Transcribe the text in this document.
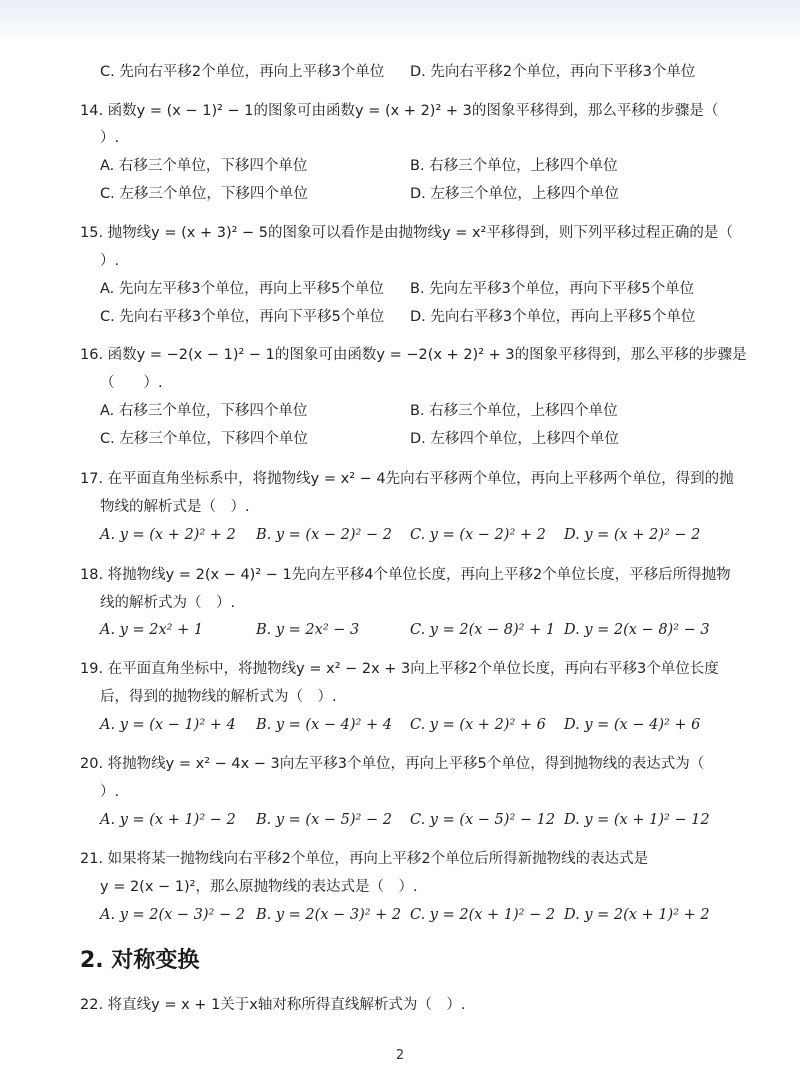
C. 先向右平移2个单位，再向上平移3个单位 D. 先向右平移2个单位，再向下平移3个单位
14. 函数y = (x − 1)² − 1的图象可由函数y = (x + 2)² + 3的图象平移得到，那么平移的步骤是（
）.
A. 右移三个单位，下移四个单位	B. 右移三个单位，上移四个单位
C. 左移三个单位，下移四个单位	D. 左移三个单位，上移四个单位
15. 抛物线y = (x + 3)² − 5的图象可以看作是由抛物线y = x²平移得到，则下列平移过程正确的是（
）.
A. 先向左平移3个单位，再向上平移5个单位 B. 先向左平移3个单位，再向下平移5个单位
C. 先向右平移3个单位，再向下平移5个单位 D. 先向右平移3个单位，再向上平移5个单位
16. 函数y = −2(x − 1)² − 1的图象可由函数y = −2(x + 2)² + 3的图象平移得到，那么平移的步骤是
（　　）.
A. 右移三个单位，下移四个单位	B. 右移三个单位，上移四个单位
C. 左移三个单位，下移四个单位	D. 左移四个单位，上移四个单位
17. 在平面直角坐标系中，将抛物线y = x² − 4先向右平移两个单位，再向上平移两个单位，得到的抛
物线的解析式是（　）.
A. y = (x + 2)² + 2 B. y = (x − 2)² − 2 C. y = (x − 2)² + 2 D. y = (x + 2)² − 2
18. 将抛物线y = 2(x − 4)² − 1先向左平移4个单位长度，再向上平移2个单位长度，平移后所得抛物
线的解析式为（　）.
A. y = 2x² + 1	B. y = 2x² − 3	C. y = 2(x − 8)² + 1 D. y = 2(x − 8)² − 3
19. 在平面直角坐标中，将抛物线y = x² − 2x + 3向上平移2个单位长度，再向右平移3个单位长度
后，得到的抛物线的解析式为（　）.
A. y = (x − 1)² + 4 B. y = (x − 4)² + 4 C. y = (x + 2)² + 6 D. y = (x − 4)² + 6
20. 将抛物线y = x² − 4x − 3向左平移3个单位，再向上平移5个单位，得到抛物线的表达式为（
）.
A. y = (x + 1)² − 2 B. y = (x − 5)² − 2 C. y = (x − 5)² − 12 D. y = (x + 1)² − 12
21. 如果将某一抛物线向右平移2个单位，再向上平移2个单位后所得新抛物线的表达式是
y = 2(x − 1)²，那么原抛物线的表达式是（　）.
A. y = 2(x − 3)² − 2 B. y = 2(x − 3)² + 2 C. y = 2(x + 1)² − 2 D. y = 2(x + 1)² + 2
2. 对称变换
22. 将直线y = x + 1关于x轴对称所得直线解析式为（　）.
2
